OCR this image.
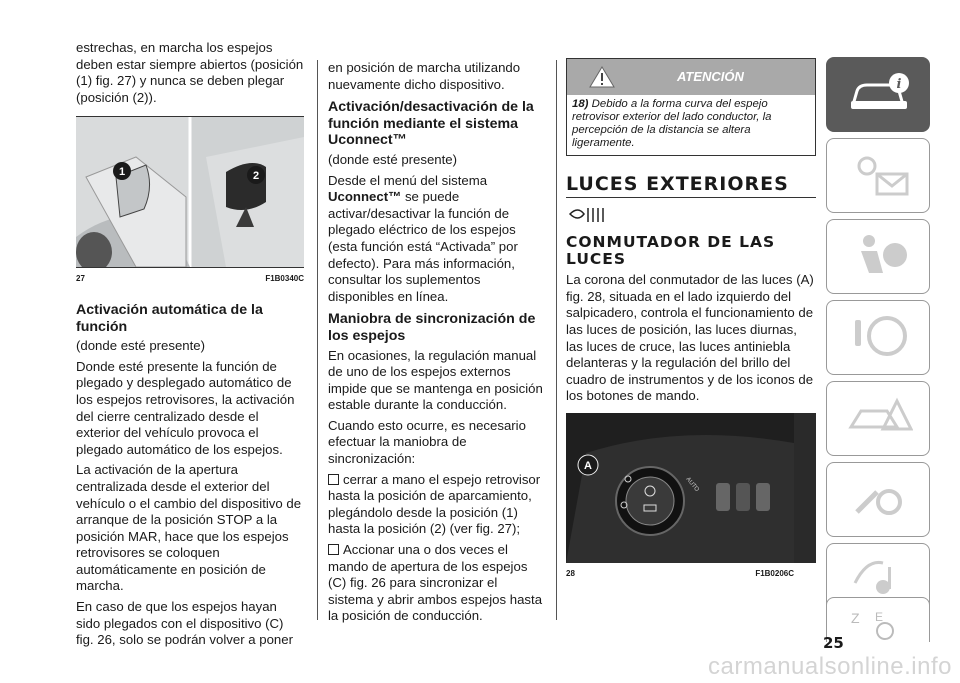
estrechas, en marcha los espejos deben estar siempre abiertos (posición (1) fig. 27) y nunca se deben plegar (posición (2)).

1	2
27	F1B0340C
Activación automática de la función

(donde esté presente)

Donde esté presente la función de plegado y desplegado automático de los espejos retrovisores, la activación del cierre centralizado desde el exterior del vehículo provoca el plegado automático de los espejos.

La activación de la apertura centralizada desde el exterior del vehículo o el cambio del dispositivo de arranque de la posición STOP a la posición MAR, hace que los espejos retrovisores se coloquen automáticamente en posición de marcha.

En caso de que los espejos hayan sido plegados con el dispositivo (C) fig. 26, solo se podrán volver a poner

en posición de marcha utilizando nuevamente dicho dispositivo.

Activación/desactivación de la función mediante el sistema Uconnect™

(donde esté presente)

Desde el menú del sistema Uconnect™ se puede activar/desactivar la función de plegado eléctrico de los espejos (esta función está “Activada” por defecto). Para más información, consultar los suplementos disponibles en línea.

Maniobra de sincronización de los espejos

En ocasiones, la regulación manual de uno de los espejos externos impide que se mantenga en posición estable durante la conducción.

Cuando esto ocurre, es necesario efectuar la maniobra de sincronización:

cerrar a mano el espejo retrovisor hasta la posición de aparcamiento, plegándolo desde la posición (1) hasta la posición (2) (ver fig. 27);

Accionar una o dos veces el mando de apertura de los espejos (C) fig. 26 para sincronizar el sistema y abrir ambos espejos hasta la posición de conducción.

ATENCIÓN
18) Debido a la forma curva del espejo retrovisor exterior del lado conductor, la percepción de la distancia se altera ligeramente.
LUCES EXTERIORES
CONMUTADOR DE LAS LUCES

La corona del conmutador de las luces (A) fig. 28, situada en el lado izquierdo del salpicadero, controla el funcionamiento de las luces de posición, las luces diurnas, las luces de cruce, las luces antiniebla delanteras y la regulación del brillo del cuadro de instrumentos y de los iconos de los botones de mando.

AUTO
A
28	F1B0206C
i
Z E
25
carmanualsonline.info
